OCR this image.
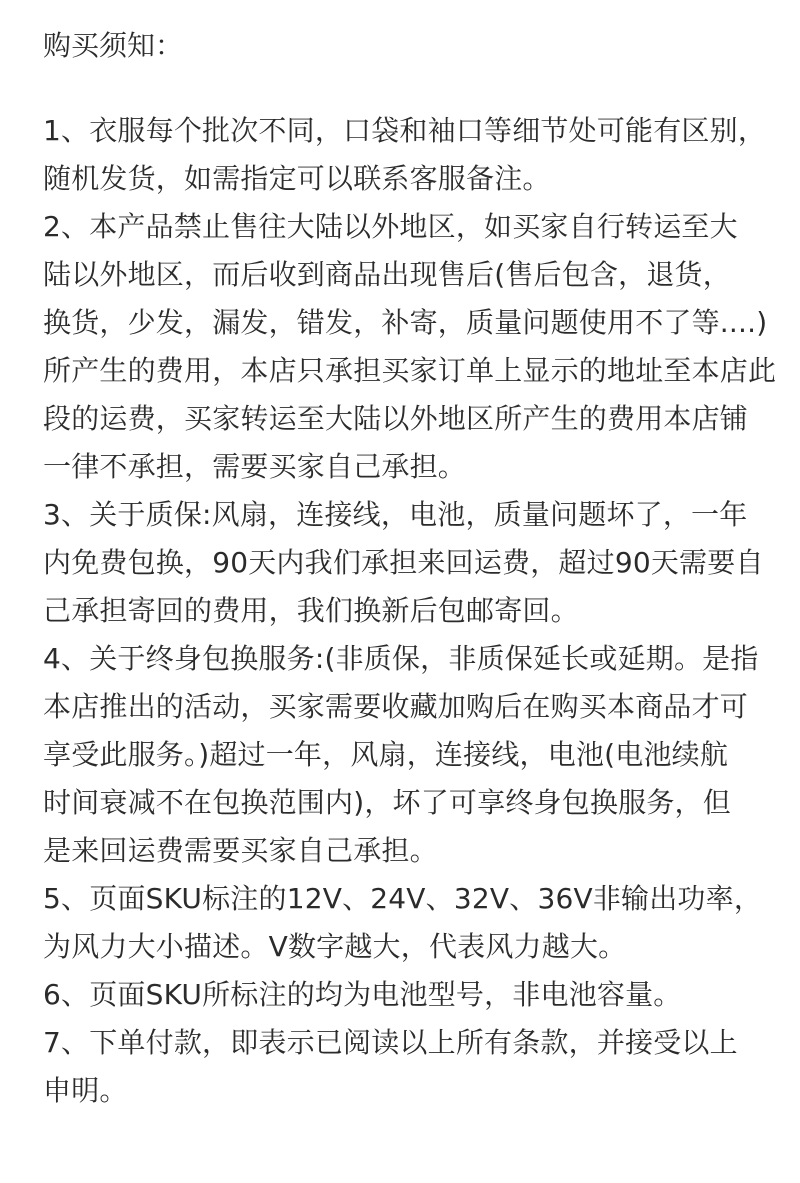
购买须知：
1、衣服每个批次不同，口袋和袖口等细节处可能有区别，
随机发货，如需指定可以联系客服备注。
2、本产品禁止售往大陆以外地区，如买家自行转运至大
陆以外地区，而后收到商品出现售后(售后包含，退货，
换货，少发，漏发，错发，补寄，质量问题使用不了等....)
所产生的费用，本店只承担买家订单上显示的地址至本店此
段的运费，买家转运至大陆以外地区所产生的费用本店铺
一律不承担，需要买家自己承担。
3、关于质保:风扇，连接线，电池，质量问题坏了，一年
内免费包换，90天内我们承担来回运费，超过90天需要自
己承担寄回的费用，我们换新后包邮寄回。
4、关于终身包换服务:(非质保，非质保延长或延期。是指
本店推出的活动，买家需要收藏加购后在购买本商品才可
享受此服务。)超过一年，风扇，连接线，电池(电池续航
时间衰减不在包换范围内)，坏了可享终身包换服务，但
是来回运费需要买家自己承担。
5、页面SKU标注的12V、24V、32V、36V非输出功率，
为风力大小描述。V数字越大，代表风力越大。
6、页面SKU所标注的均为电池型号，非电池容量。
7、下单付款，即表示已阅读以上所有条款，并接受以上
申明。
